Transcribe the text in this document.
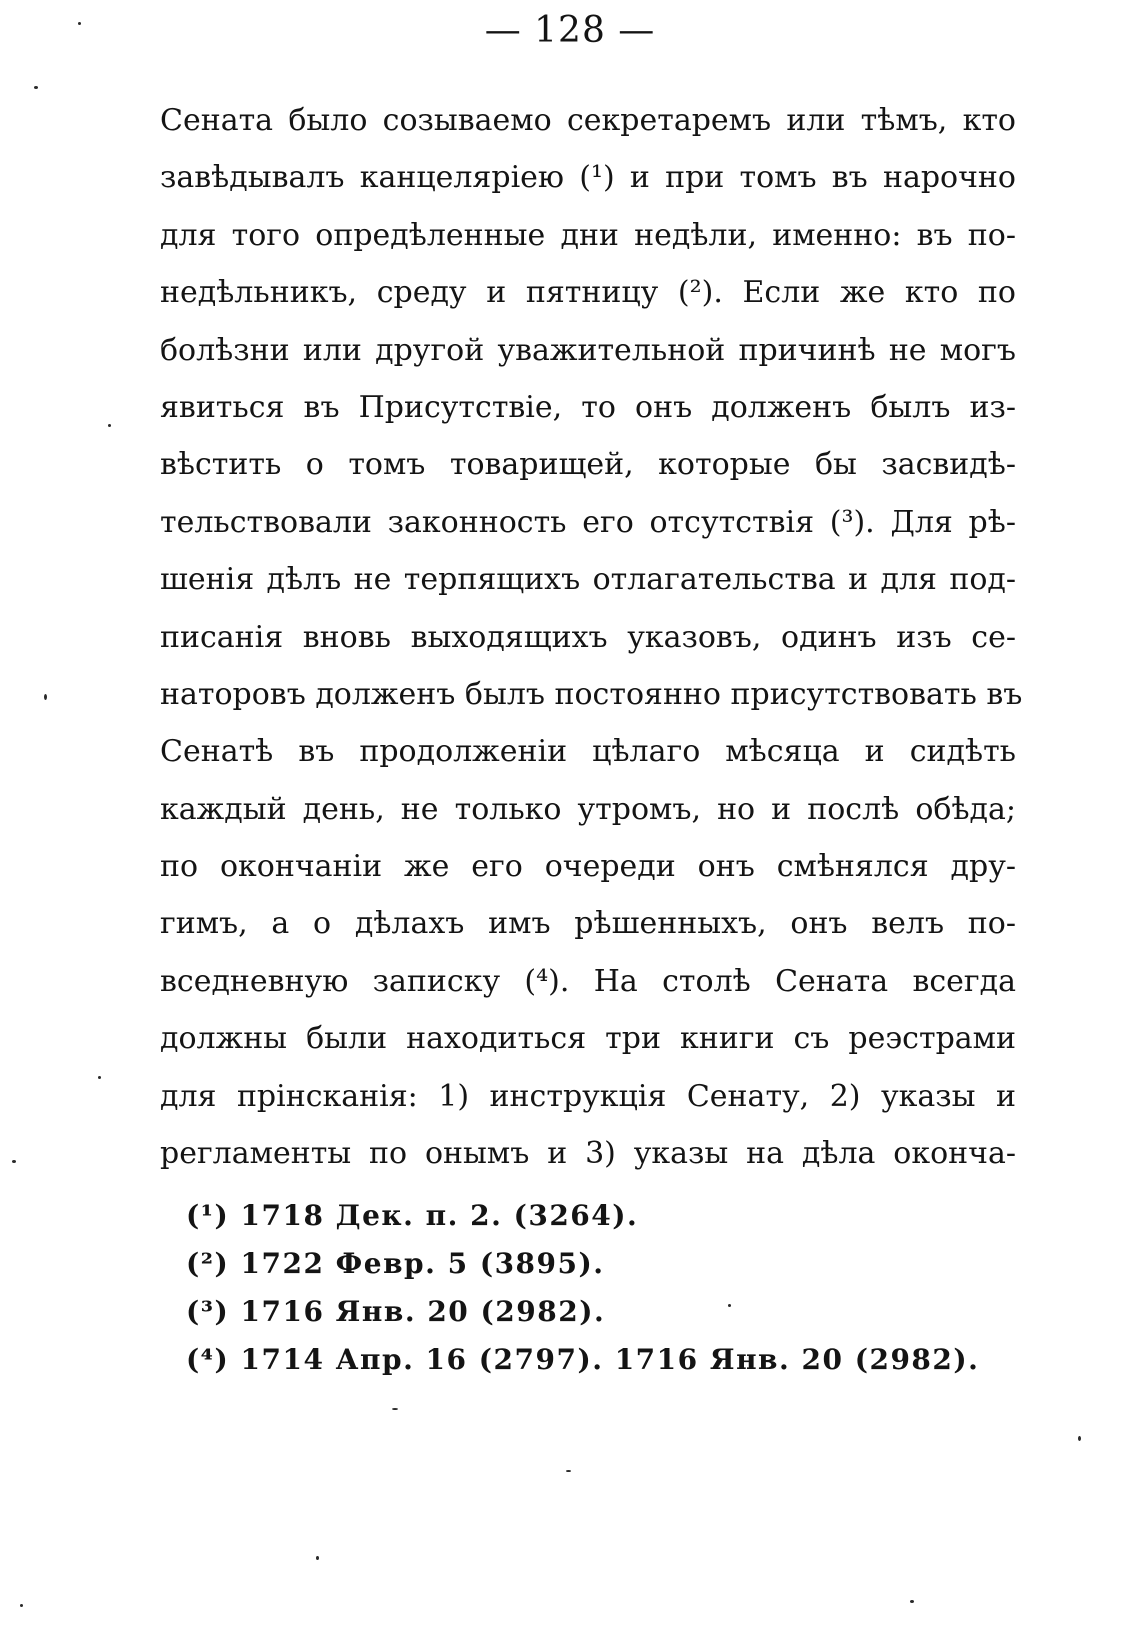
— 128 —
Сената было созываемо секретаремъ или тѣмъ, кто
завѣдывалъ канцеляріею (¹) и при томъ въ нарочно
для того опредѣленные дни недѣли, именно: въ по-
недѣльникъ, среду и пятницу (²). Если же кто по
болѣзни или другой уважительной причинѣ не могъ
явиться въ Присутствіе, то онъ долженъ былъ из-
вѣстить о томъ товарищей, которые бы засвидѣ-
тельствовали законность его отсутствія (³). Для рѣ-
шенія дѣлъ не терпящихъ отлагательства и для под-
писанія вновь выходящихъ указовъ, одинъ изъ се-
наторовъ долженъ былъ постоянно присутствовать въ
Сенатѣ въ продолженіи цѣлаго мѣсяца и сидѣть
каждый день, не только утромъ, но и послѣ обѣда;
по окончаніи же его очереди онъ смѣнялся дру-
гимъ, а о дѣлахъ имъ рѣшенныхъ, онъ велъ по-
вседневную записку (⁴). На столѣ Сената всегда
должны были находиться три книги съ реэстрами
для прінсканія: 1) инструкція Сенату, 2) указы и
регламенты по онымъ и 3) указы на дѣла оконча-
(¹) 1718 Дек. п. 2. (3264).
(²) 1722 Февр. 5 (3895).
(³) 1716 Янв. 20 (2982).
(⁴) 1714 Апр. 16 (2797). 1716 Янв. 20 (2982).
